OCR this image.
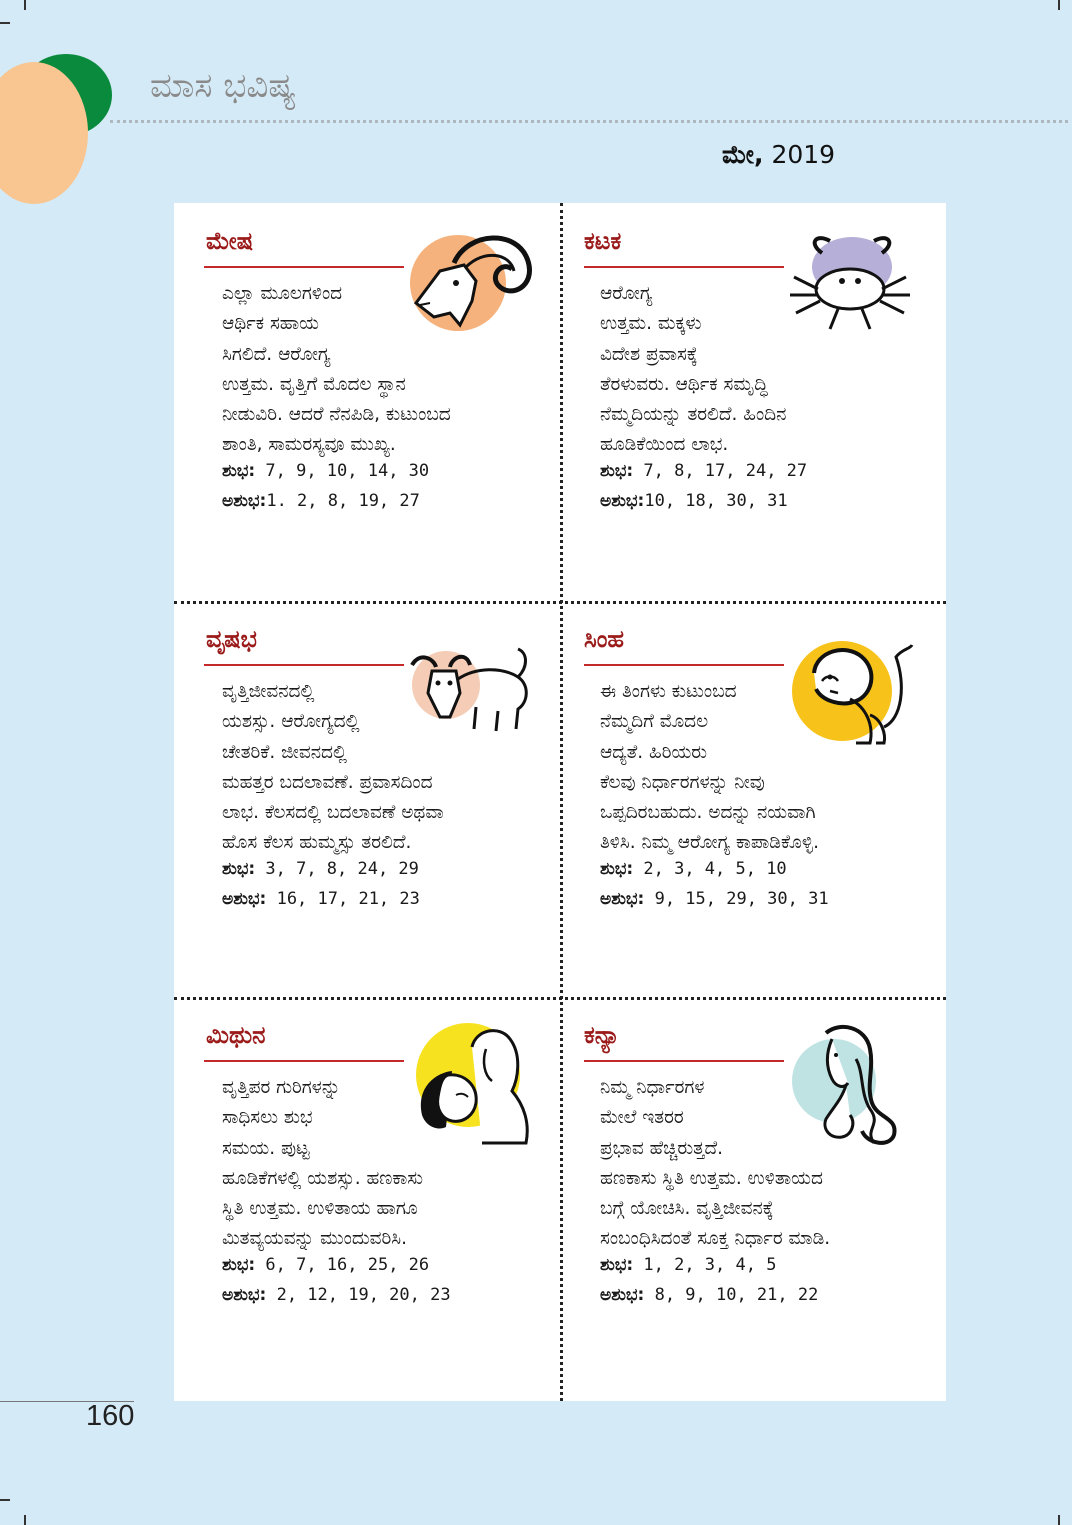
ಮಾಸ ಭವಿಷ್ಯ
ಮೇ, 2019
ಮೇಷ
ಎಲ್ಲಾ ಮೂಲಗಳಿಂದ
ಆರ್ಥಿಕ ಸಹಾಯ
ಸಿಗಲಿದೆ. ಆರೋಗ್ಯ
ಉತ್ತಮ. ವೃತ್ತಿಗೆ ಮೊದಲ ಸ್ಥಾನ
ನೀಡುವಿರಿ. ಆದರೆ ನೆನಪಿಡಿ, ಕುಟುಂಬದ
ಶಾಂತಿ, ಸಾಮರಸ್ಯವೂ ಮುಖ್ಯ.
ಶುಭ: 7, 9, 10, 14, 30
ಅಶುಭ:1. 2, 8, 19, 27
ಕಟಕ
ಆರೋಗ್ಯ
ಉತ್ತಮ. ಮಕ್ಕಳು
ವಿದೇಶ ಪ್ರವಾಸಕ್ಕೆ
ತೆರಳುವರು. ಆರ್ಥಿಕ ಸಮೃದ್ಧಿ
ನೆಮ್ಮದಿಯನ್ನು ತರಲಿದೆ. ಹಿಂದಿನ
ಹೂಡಿಕೆಯಿಂದ ಲಾಭ.
ಶುಭ: 7, 8, 17, 24, 27
ಅಶುಭ:10, 18, 30, 31
ವೃಷಭ
ವೃತ್ತಿಜೀವನದಲ್ಲಿ
ಯಶಸ್ಸು. ಆರೋಗ್ಯದಲ್ಲಿ
ಚೇತರಿಕೆ. ಜೀವನದಲ್ಲಿ
ಮಹತ್ತರ ಬದಲಾವಣೆ. ಪ್ರವಾಸದಿಂದ
ಲಾಭ. ಕೆಲಸದಲ್ಲಿ ಬದಲಾವಣೆ ಅಥವಾ
ಹೊಸ ಕೆಲಸ ಹುಮ್ಮಸ್ಸು ತರಲಿದೆ.
ಶುಭ: 3, 7, 8, 24, 29
ಅಶುಭ: 16, 17, 21, 23
ಸಿಂಹ
ಈ ತಿಂಗಳು ಕುಟುಂಬದ
ನೆಮ್ಮದಿಗೆ ಮೊದಲ
ಆದ್ಯತೆ. ಹಿರಿಯರು
ಕೆಲವು ನಿರ್ಧಾರಗಳನ್ನು ನೀವು
ಒಪ್ಪದಿರಬಹುದು. ಅದನ್ನು ನಯವಾಗಿ
ತಿಳಿಸಿ. ನಿಮ್ಮ ಆರೋಗ್ಯ ಕಾಪಾಡಿಕೊಳ್ಳಿ.
ಶುಭ: 2, 3, 4, 5, 10
ಅಶುಭ: 9, 15, 29, 30, 31
ಮಿಥುನ
ವೃತ್ತಿಪರ ಗುರಿಗಳನ್ನು
ಸಾಧಿಸಲು ಶುಭ
ಸಮಯ. ಪುಟ್ಟ
ಹೂಡಿಕೆಗಳಲ್ಲಿ ಯಶಸ್ಸು. ಹಣಕಾಸು
ಸ್ಥಿತಿ ಉತ್ತಮ. ಉಳಿತಾಯ ಹಾಗೂ
ಮಿತವ್ಯಯವನ್ನು ಮುಂದುವರಿಸಿ.
ಶುಭ: 6, 7, 16, 25, 26
ಅಶುಭ: 2, 12, 19, 20, 23
ಕನ್ಯಾ
ನಿಮ್ಮ ನಿರ್ಧಾರಗಳ
ಮೇಲೆ ಇತರರ
ಪ್ರಭಾವ ಹೆಚ್ಚಿರುತ್ತದೆ.
ಹಣಕಾಸು ಸ್ಥಿತಿ ಉತ್ತಮ. ಉಳಿತಾಯದ
ಬಗ್ಗೆ ಯೋಚಿಸಿ. ವೃತ್ತಿಜೀವನಕ್ಕೆ
ಸಂಬಂಧಿಸಿದಂತೆ ಸೂಕ್ತ ನಿರ್ಧಾರ ಮಾಡಿ.
ಶುಭ: 1, 2, 3, 4, 5
ಅಶುಭ: 8, 9, 10, 21, 22
160
